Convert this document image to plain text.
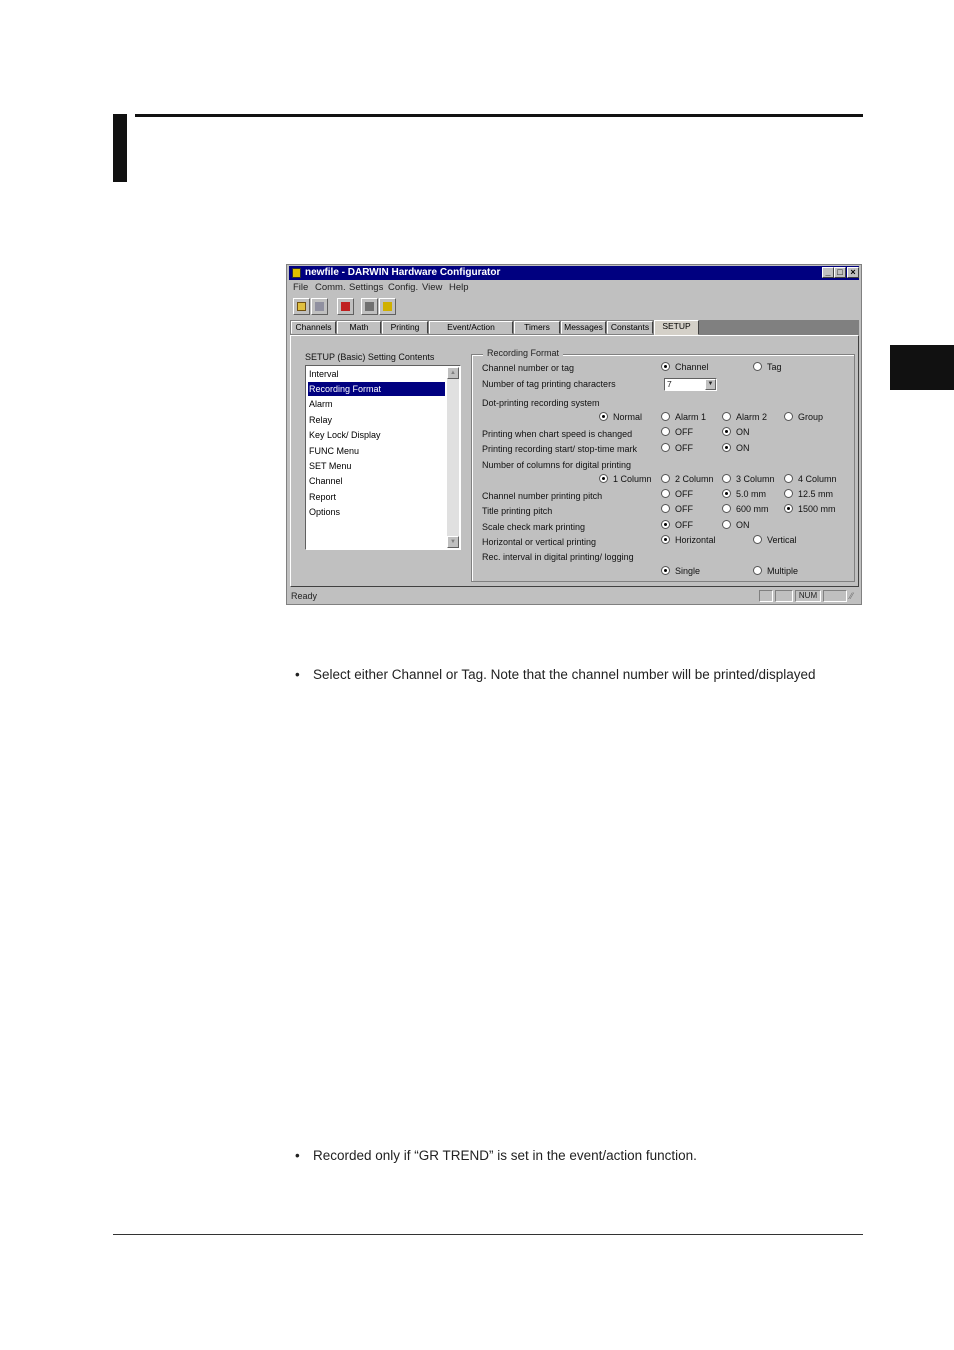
newfile - DARWIN Hardware Configurator	_ □ ×
File Comm. Settings Config. View Help
Channels	Math	Printing	Event/Action	Timers	Messages Constants	SETUP
SETUP (Basic) Setting Contents
Interval
Recording Format
Alarm
Relay
Key Lock/ Display
FUNC Menu
SET Menu
Channel
Report
Options
▲
▼
Recording Format
Channel number or tag	Channel	Tag
Number of tag printing characters	7	▼
Dot-printing recording system
Normal	Alarm 1	Alarm 2	Group
Printing when chart speed is changed	OFF	ON
Printing recording start/ stop-time mark	OFF	ON
Number of columns for digital printing
1 Column	2 Column	3 Column	4 Column
Channel number printing pitch	OFF	5.0 mm	12.5 mm
Title printing pitch	OFF	600 mm	1500 mm
Scale check mark printing	OFF	ON
Horizontal or vertical printing	Horizontal	Vertical
Rec. interval in digital printing/ logging
Single	Multiple
Ready	NUM	⁄⁄
• Select either Channel or Tag. Note that the channel number will be printed/displayed
• Recorded only if “GR TREND” is set in the event/action function.
